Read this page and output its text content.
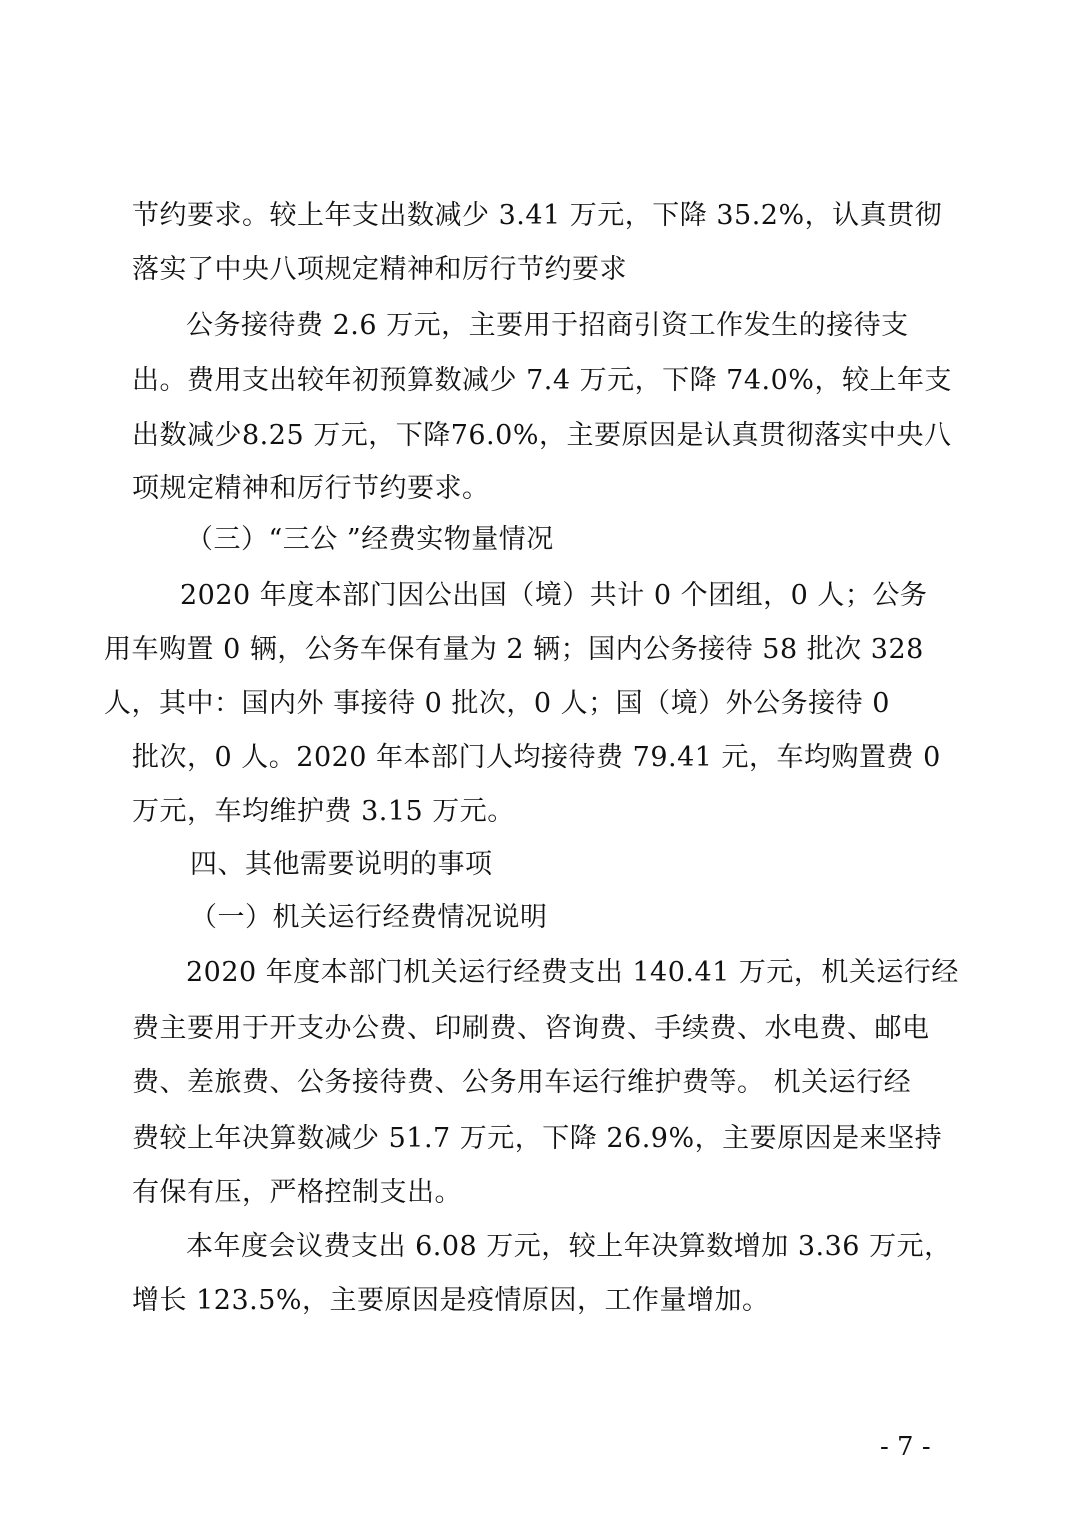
节约要求。较上年支出数减少 3.41 万元，下降 35.2%，认真贯彻
落实了中央八项规定精神和厉行节约要求
公务接待费 2.6 万元，主要用于招商引资工作发生的接待支
出。费用支出较年初预算数减少 7.4 万元，下降 74.0%，较上年支
出数减少8.25 万元，下降76.0%，主要原因是认真贯彻落实中央八
项规定精神和厉行节约要求。
（三）“三公 ”经费实物量情况
2020 年度本部门因公出国（境）共计 0 个团组，0 人；公务
用车购置 0 辆，公务车保有量为 2 辆；国内公务接待 58 批次 328
人，其中：国内外 事接待 0 批次，0 人；国（境）外公务接待 0
批次，0 人。2020 年本部门人均接待费 79.41 元，车均购置费 0
万元，车均维护费 3.15 万元。
四、其他需要说明的事项
（一）机关运行经费情况说明
2020 年度本部门机关运行经费支出 140.41 万元，机关运行经
费主要用于开支办公费、印刷费、咨询费、手续费、水电费、邮电
费、差旅费、公务接待费、公务用车运行维护费等。 机关运行经
费较上年决算数减少 51.7 万元，下降 26.9%，主要原因是来坚持
有保有压，严格控制支出。
本年度会议费支出 6.08 万元，较上年决算数增加 3.36 万元，
增长 123.5%，主要原因是疫情原因，工作量增加。
- 7 -
